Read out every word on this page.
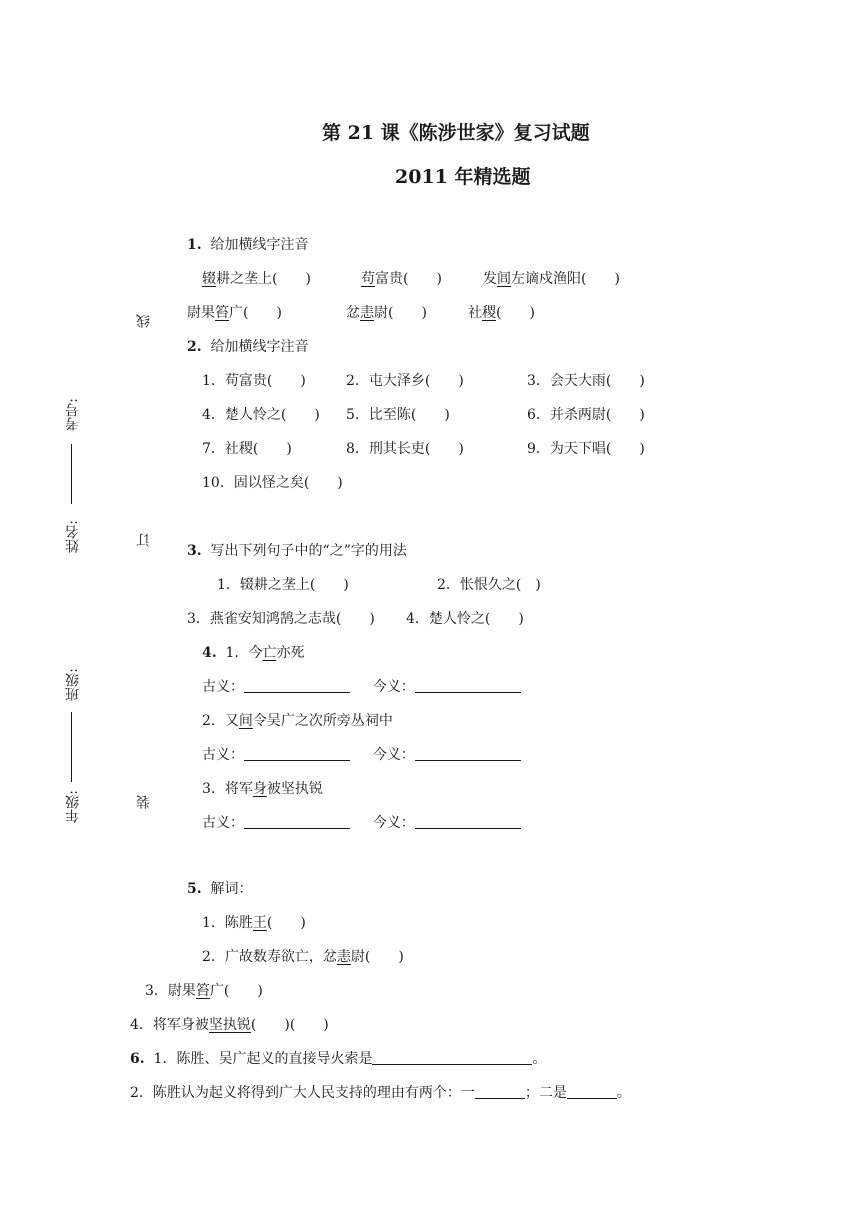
第 21 课《陈涉世家》复习试题
2011 年精选题
线
订
装
考号:
姓名:
班级:
年级:
1. 给加横线字注音
辍耕之垄上(　　)	苟富贵(　　)	发闾左谪戍渔阳(　　)
尉果笞广(　　)	忿恚尉(　　)	社稷(　　)
2. 给加横线字注音
1．苟富贵(　　)	2．屯大泽乡(　　)	3．会天大雨(　　)
4．楚人怜之(　　) 5．比至陈(　　)	6．并杀两尉(　　)
7．社稷(　　)	8．刑其长吏(　　)	9．为天下唱(　　)
10．固以怪之矣(　　)
3. 写出下列句子中的“之”字的用法
1．辍耕之垄上(　　)	2．怅恨久之(　)
3．燕雀安知鸿鹄之志哉(　　) 4．楚人怜之(　　)
4. 1．今亡亦死
古义：	今义：
2．又间令吴广之次所旁丛祠中
古义：	今义：
3．将军身被坚执锐
古义：	今义：
5. 解词：
1．陈胜王(　　)
2．广故数寿欲亡，忿恚尉(　　)
3．尉果笞广(　　)
4．将军身被坚执锐(　　)(　　)
6. 1．陈胜、吴广起义的直接导火索是	。
2．陈胜认为起义将得到广大人民支持的理由有两个：一	；二是	。
